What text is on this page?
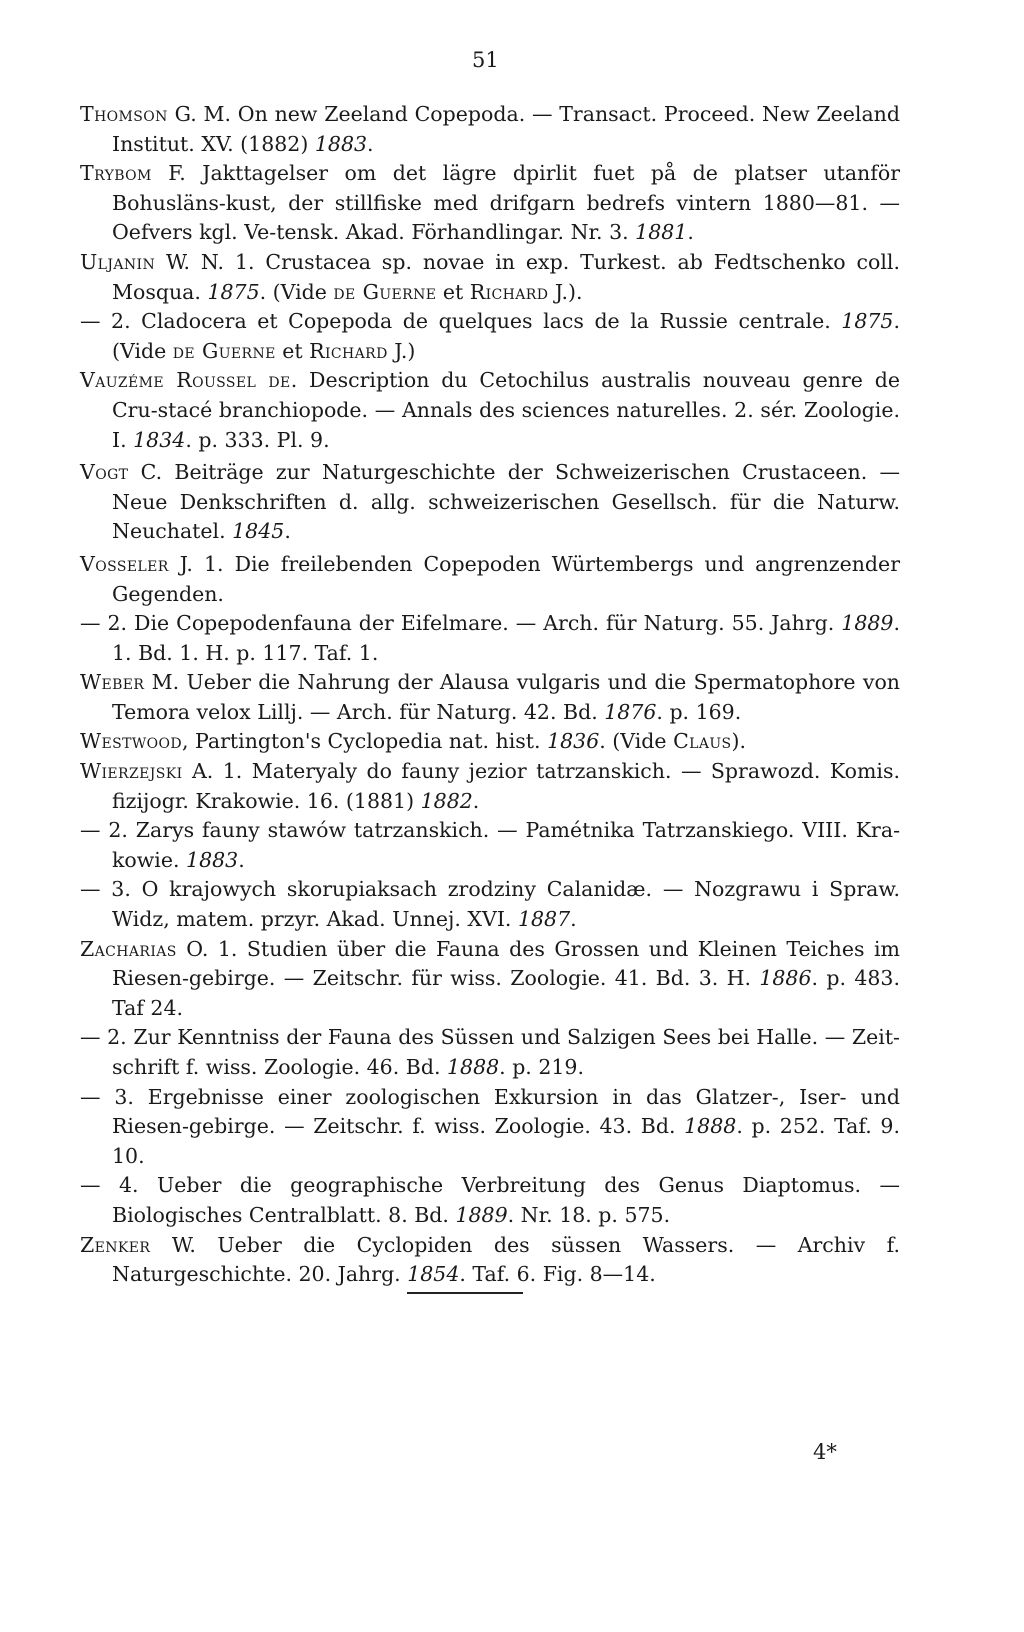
51

Thomson G. M. On new Zeeland Copepoda. — Transact. Proceed. New Zeeland Institut. XV. (1882) 1883.

Trybom F. Jakttagelser om det lägre dpirlit fuet på de platser utanför Bohusläns-kust, der stillfiske med drifgarn bedrefs vintern 1880—81. — Oefvers kgl. Ve-tensk. Akad. Förhandlingar. Nr. 3. 1881.

Uljanin W. N. 1. Crustacea sp. novae in exp. Turkest. ab Fedtschenko coll. Mosqua. 1875. (Vide de Guerne et Richard J.).

— 2. Cladocera et Copepoda de quelques lacs de la Russie centrale. 1875. (Vide de Guerne et Richard J.)

Vauzéme Roussel de. Description du Cetochilus australis nouveau genre de Cru-stacé branchiopode. — Annals des sciences naturelles. 2. sér. Zoologie. I. 1834. p. 333. Pl. 9.

Vogt C. Beiträge zur Naturgeschichte der Schweizerischen Crustaceen. — Neue Denkschriften d. allg. schweizerischen Gesellsch. für die Naturw. Neuchatel. 1845.

Vosseler J. 1. Die freilebenden Copepoden Würtembergs und angrenzender Gegenden.

— 2. Die Copepodenfauna der Eifelmare. — Arch. für Naturg. 55. Jahrg. 1889. 1. Bd. 1. H. p. 117. Taf. 1.

Weber M. Ueber die Nahrung der Alausa vulgaris und die Spermatophore von Temora velox Lillj. — Arch. für Naturg. 42. Bd. 1876. p. 169.

Westwood, Partington's Cyclopedia nat. hist. 1836. (Vide Claus).

Wierzejski A. 1. Materyaly do fauny jezior tatrzanskich. — Sprawozd. Komis. fizijogr. Krakowie. 16. (1881) 1882.

— 2. Zarys fauny stawów tatrzanskich. — Pamétnika Tatrzanskiego. VIII. Kra-kowie. 1883.

— 3. O krajowych skorupiaksach zrodziny Calanidæ. — Nozgrawu i Spraw. Widz, matem. przyr. Akad. Unnej. XVI. 1887.

Zacharias O. 1. Studien über die Fauna des Grossen und Kleinen Teiches im Riesen-gebirge. — Zeitschr. für wiss. Zoologie. 41. Bd. 3. H. 1886. p. 483. Taf 24.

— 2. Zur Kenntniss der Fauna des Süssen und Salzigen Sees bei Halle. — Zeit-schrift f. wiss. Zoologie. 46. Bd. 1888. p. 219.

— 3. Ergebnisse einer zoologischen Exkursion in das Glatzer-, Iser- und Riesen-gebirge. — Zeitschr. f. wiss. Zoologie. 43. Bd. 1888. p. 252. Taf. 9. 10.

— 4. Ueber die geographische Verbreitung des Genus Diaptomus. — Biologisches Centralblatt. 8. Bd. 1889. Nr. 18. p. 575.

Zenker W. Ueber die Cyclopiden des süssen Wassers. — Archiv f. Naturgeschichte. 20. Jahrg. 1854. Taf. 6. Fig. 8—14.

4*
